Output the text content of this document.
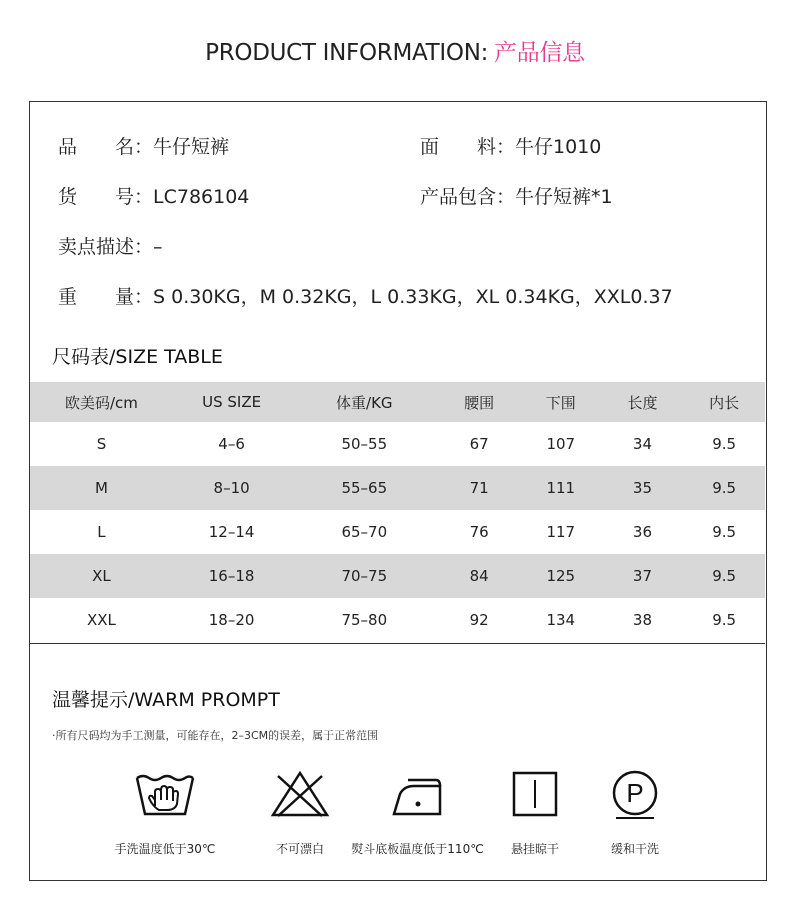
PRODUCT INFORMATION: 产品信息
品　　名：牛仔短裤	面　　料：牛仔1010
货　　号：LC786104	产品包含：牛仔短裤*1
卖点描述：–
重　　量：S 0.30KG，M 0.32KG，L 0.33KG，XL 0.34KG，XXL0.37
尺码表/SIZE TABLE
欧美码/cm	US SIZE	体重/KG	腰围	下围	长度	内长
S	4–6	50–55	67	107	34	9.5
M	8–10	55–65	71	111	35	9.5
L	12–14	65–70	76	117	36	9.5
XL	16–18	70–75	84	125	37	9.5
XXL	18–20	75–80	92	134	38	9.5
温馨提示/WARM PROMPT
·所有尺码均为手工测量，可能存在，2–3CM的误差，属于正常范围
手洗温度低于30℃	不可漂白	熨斗底板温度低于110℃	悬挂晾干
P
缓和干洗
